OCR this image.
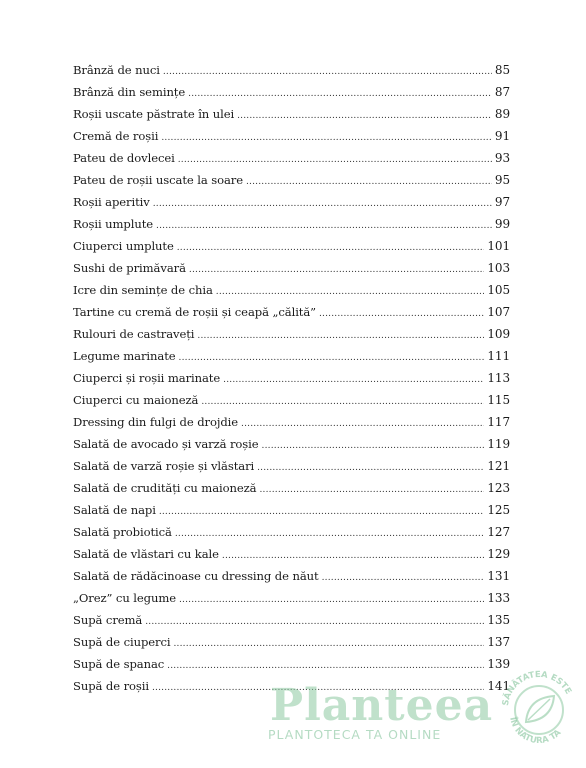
Brânză de nuci .....	85
Brânză din semințe .....	87
Roșii uscate păstrate în ulei .....	89
Cremă de roșii .....	91
Pateu de dovlecei .....	93
Pateu de roșii uscate la soare .....	95
Roșii aperitiv .....	97
Roșii umplute .....	99
Ciuperci umplute .....	101
Sushi de primăvară .....	103
Icre din semințe de chia .....	105
Tartine cu cremă de roșii și ceapă „călită” .....	107
Rulouri de castraveți .....	109
Legume marinate .....	111
Ciuperci și roșii marinate .....	113
Ciuperci cu maioneză .....	115
Dressing din fulgi de drojdie .....	117
Salată de avocado și varză roșie .....	119
Salată de varză roșie și vlăstari .....	121
Salată de crudități cu maioneză .....	123
Salată de napi .....	125
Salată probiotică .....	127
Salată de vlăstari cu kale .....	129
Salată de rădăcinoase cu dressing de năut .....	131
„Orez” cu legume .....	133
Supă cremă .....	135
Supă de ciuperci .....	137
Supă de spanac .....	139
Supă de roșii .....	141
Planteea
PLANTOTECA TA ONLINE
SĂNĂTATEA ESTE
ÎN NATURA TA
